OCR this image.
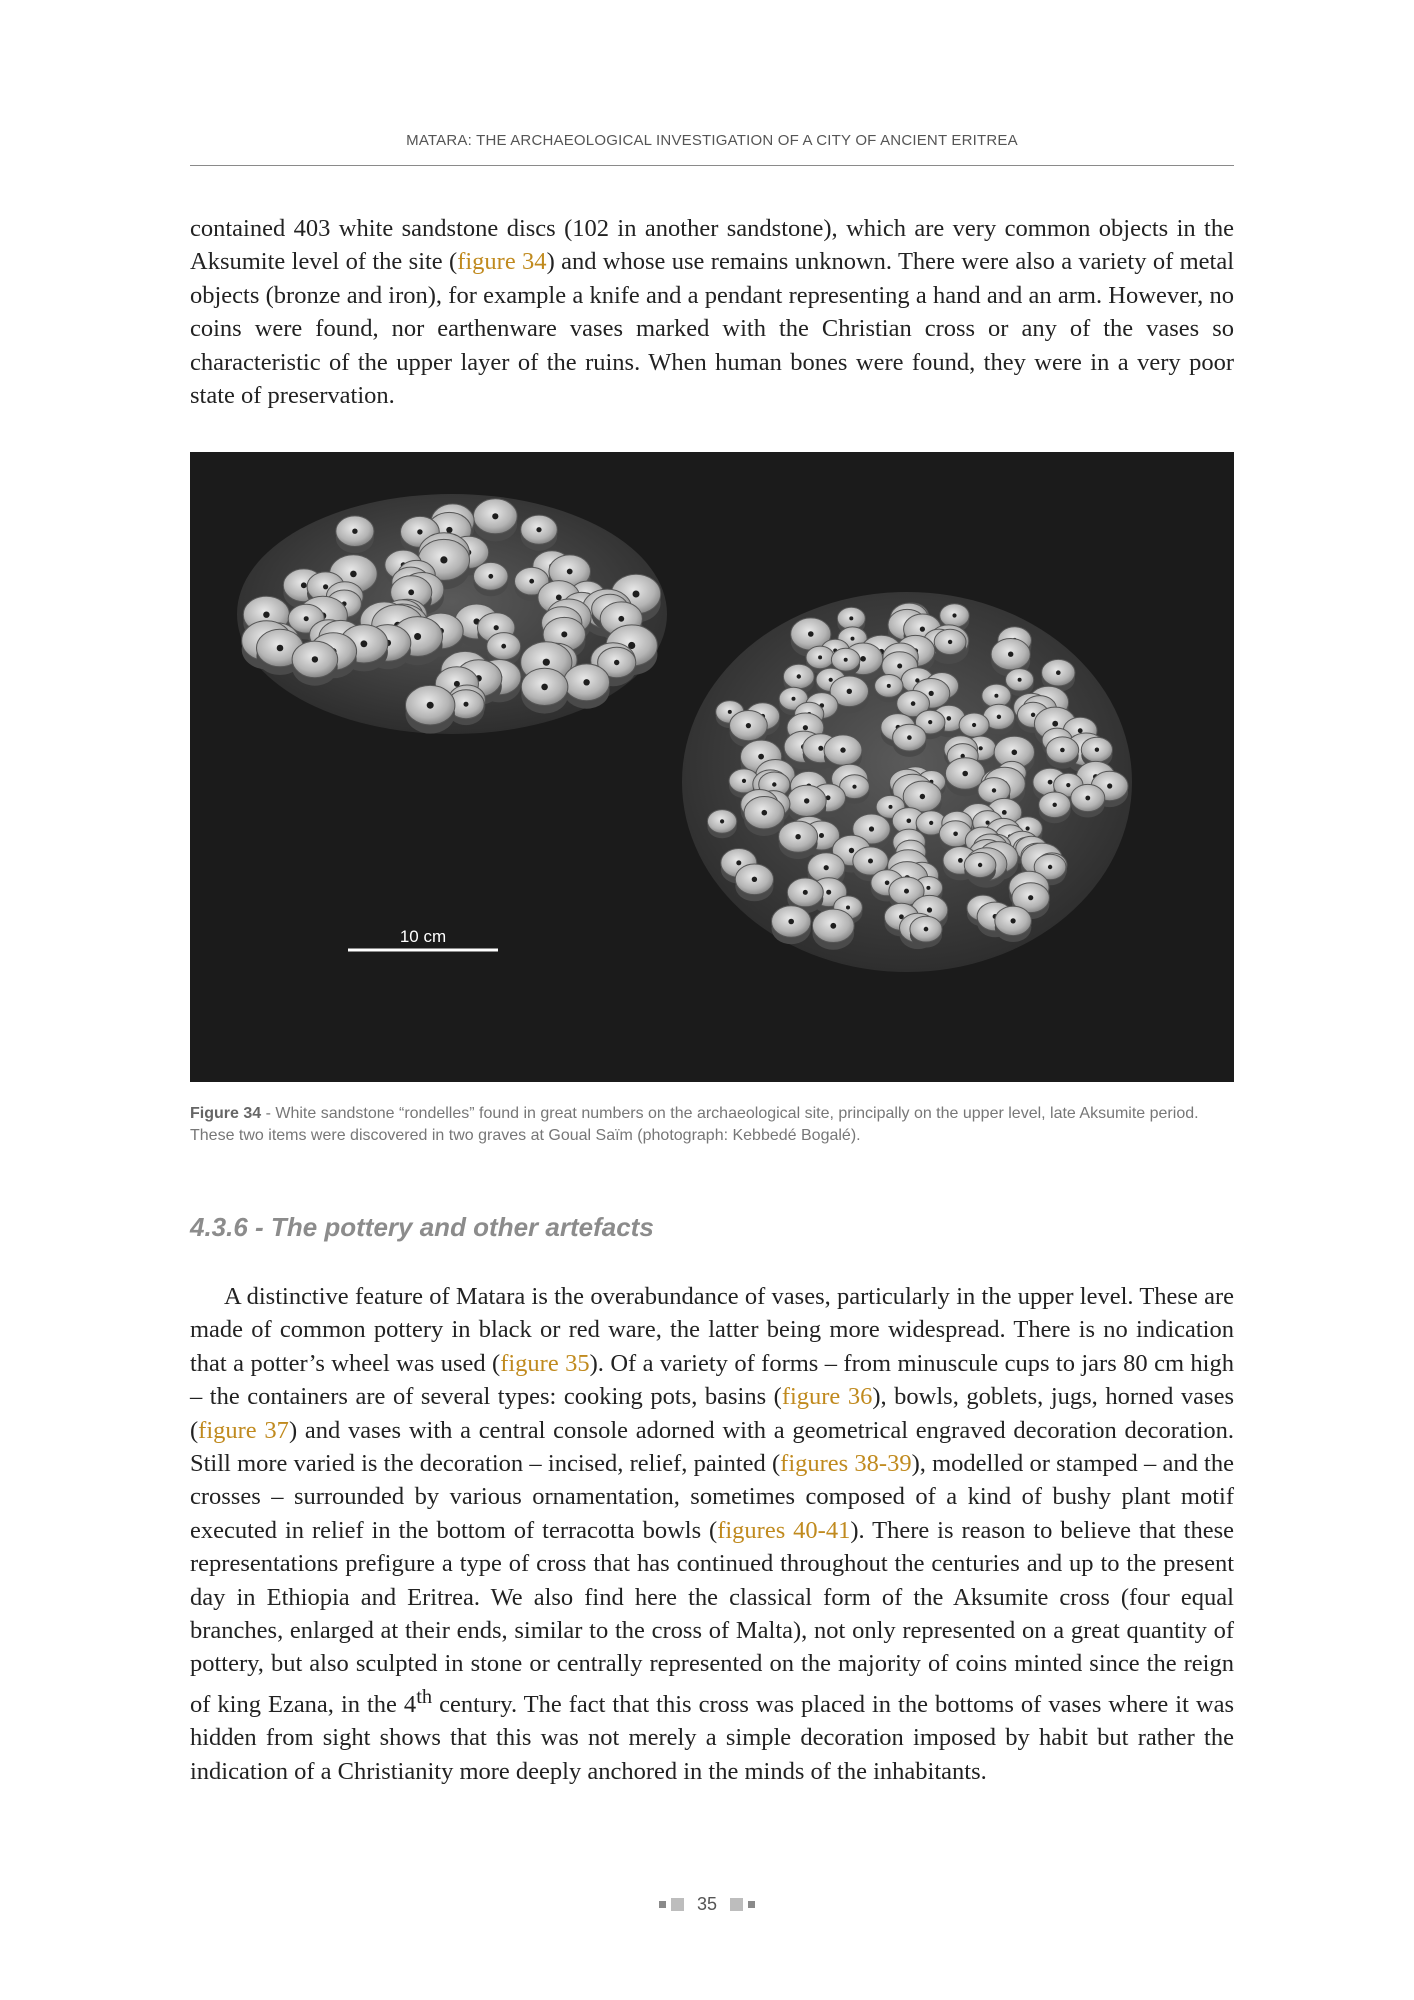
MATARA: THE ARCHAEOLOGICAL INVESTIGATION OF A CITY OF ANCIENT ERITREA

contained 403 white sandstone discs (102 in another sandstone), which are very common objects in the Aksumite level of the site (figure 34) and whose use remains unknown. There were also a variety of metal objects (bronze and iron), for example a knife and a pendant representing a hand and an arm. However, no coins were found, nor earthenware vases marked with the Christian cross or any of the vases so characteristic of the upper layer of the ruins. When human bones were found, they were in a very poor state of preservation.

10 cm

Figure 34 - White sandstone “rondelles” found in great numbers on the archaeological site, principally on the upper level, late Aksumite period. These two items were discovered in two graves at Goual Saïm (photograph: Kebbedé Bogalé).

4.3.6 - The pottery and other artefacts

A distinctive feature of Matara is the overabundance of vases, particularly in the upper level. These are made of common pottery in black or red ware, the latter being more widespread. There is no indication that a potter’s wheel was used (figure 35). Of a variety of forms – from minuscule cups to jars 80 cm high – the containers are of several types: cooking pots, basins (figure 36), bowls, goblets, jugs, horned vases (figure 37) and vases with a central console adorned with a geometrical engraved decoration decoration. Still more varied is the decoration – incised, relief, painted (figures 38-39), modelled or stamped – and the crosses – surrounded by various ornamentation, sometimes composed of a kind of bushy plant motif executed in relief in the bottom of terracotta bowls (figures 40-41). There is reason to believe that these representations prefigure a type of cross that has continued throughout the centuries and up to the present day in Ethiopia and Eritrea. We also find here the classical form of the Aksumite cross (four equal branches, enlarged at their ends, similar to the cross of Malta), not only represented on a great quantity of pottery, but also sculpted in stone or centrally represented on the majority of coins minted since the reign of king Ezana, in the 4th century. The fact that this cross was placed in the bottoms of vases where it was hidden from sight shows that this was not merely a simple decoration imposed by habit but rather the indication of a Christianity more deeply anchored in the minds of the inhabitants.

35
